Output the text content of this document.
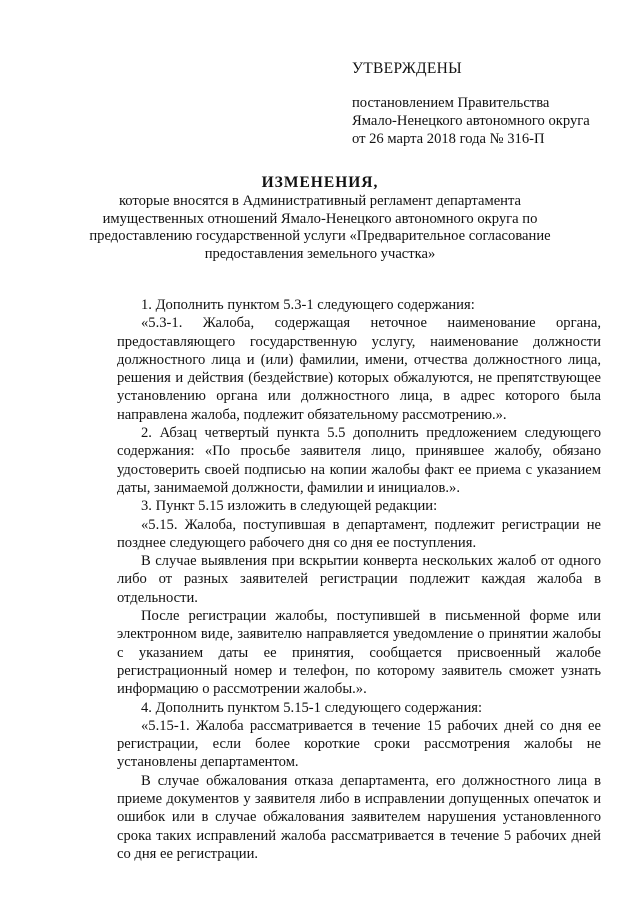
УТВЕРЖДЕНЫ
постановлением Правительства
Ямало-Ненецкого автономного округа
от 26 марта 2018 года № 316-П
ИЗМЕНЕНИЯ,
которые вносятся в Административный регламент департамента имущественных отношений Ямало-Ненецкого автономного округа по предоставлению государственной услуги «Предварительное согласование предоставления земельного участка»

1. Дополнить пунктом 5.3-1 следующего содержания:

«5.3-1. Жалоба, содержащая неточное наименование органа, предоставляющего государственную услугу, наименование должности должностного лица и (или) фамилии, имени, отчества должностного лица, решения и действия (бездействие) которых обжалуются, не препятствующее установлению органа или должностного лица, в адрес которого была направлена жалоба, подлежит обязательному рассмотрению.».

2. Абзац четвертый пункта 5.5 дополнить предложением следующего содержания: «По просьбе заявителя лицо, принявшее жалобу, обязано удостоверить своей подписью на копии жалобы факт ее приема с указанием даты, занимаемой должности, фамилии и инициалов.».

3. Пункт 5.15 изложить в следующей редакции:

«5.15. Жалоба, поступившая в департамент, подлежит регистрации не позднее следующего рабочего дня со дня ее поступления.

В случае выявления при вскрытии конверта нескольких жалоб от одного либо от разных заявителей регистрации подлежит каждая жалоба в отдельности.

После регистрации жалобы, поступившей в письменной форме или электронном виде, заявителю направляется уведомление о принятии жалобы с указанием даты ее принятия, сообщается присвоенный жалобе регистрационный номер и телефон, по которому заявитель сможет узнать информацию о рассмотрении жалобы.».

4. Дополнить пунктом 5.15-1 следующего содержания:

«5.15-1. Жалоба рассматривается в течение 15 рабочих дней со дня ее регистрации, если более короткие сроки рассмотрения жалобы не установлены департаментом.

В случае обжалования отказа департамента, его должностного лица в приеме документов у заявителя либо в исправлении допущенных опечаток и ошибок или в случае обжалования заявителем нарушения установленного срока таких исправлений жалоба рассматривается в течение 5 рабочих дней со дня ее регистрации.
